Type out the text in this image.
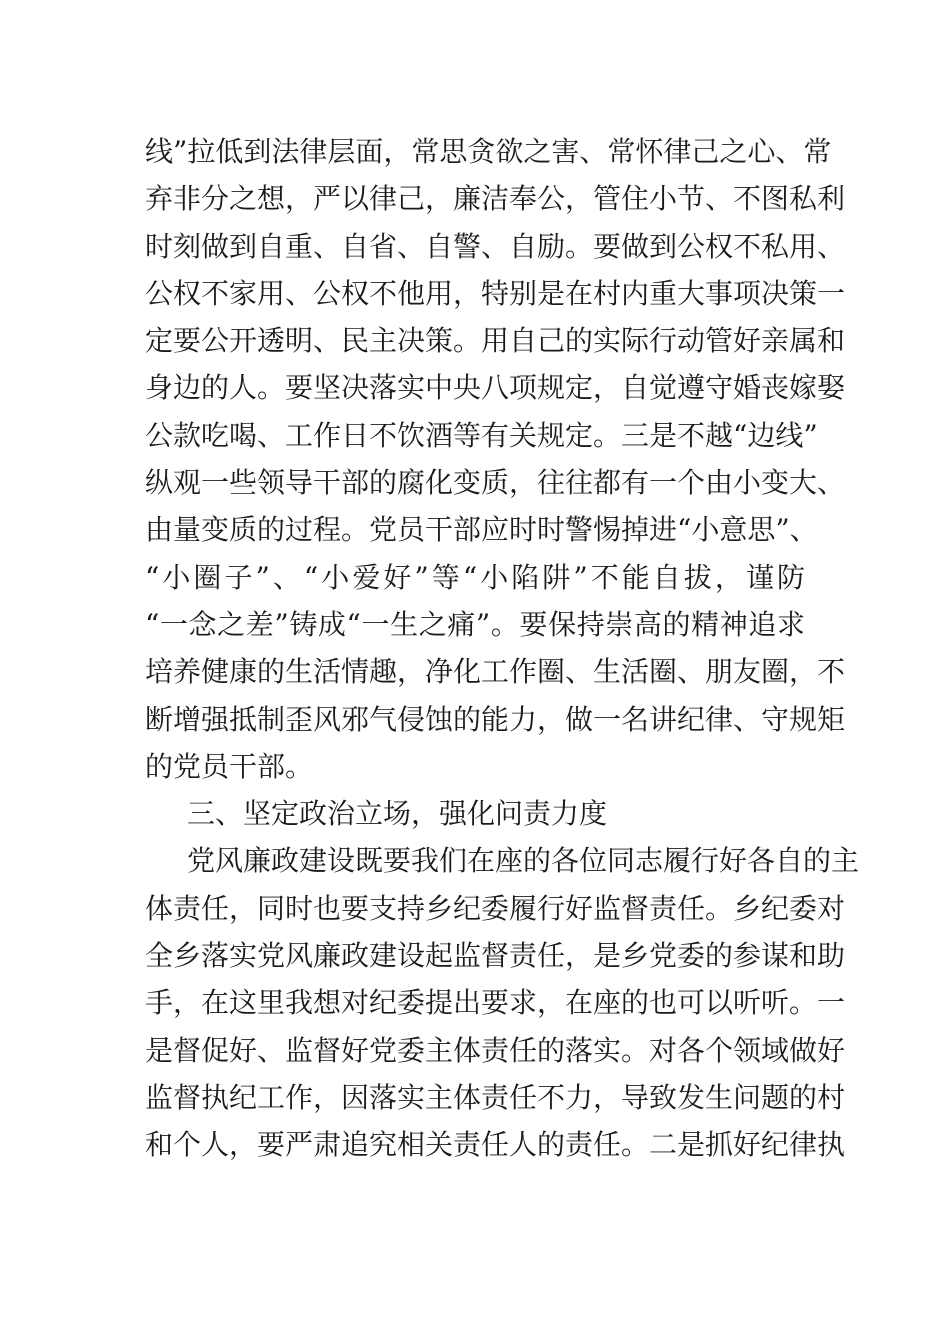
线”拉低到法律层面，常思贪欲之害、常怀律己之心、常
弃非分之想，严以律己，廉洁奉公，管住小节、不图私利
时刻做到自重、自省、自警、自励。要做到公权不私用、
公权不家用、公权不他用，特别是在村内重大事项决策一
定要公开透明、民主决策。用自己的实际行动管好亲属和
身边的人。要坚决落实中央八项规定，自觉遵守婚丧嫁娶
公款吃喝、工作日不饮酒等有关规定。三是不越“边线”
纵观一些领导干部的腐化变质，往往都有一个由小变大、
由量变质的过程。党员干部应时时警惕掉进“小意思”、
“小圈子”、“小爱好”等“小陷阱”不能自拔，谨防
“一念之差”铸成“一生之痛”。要保持崇高的精神追求
培养健康的生活情趣，净化工作圈、生活圈、朋友圈，不
断增强抵制歪风邪气侵蚀的能力，做一名讲纪律、守规矩
的党员干部。
三、坚定政治立场，强化问责力度
党风廉政建设既要我们在座的各位同志履行好各自的主
体责任，同时也要支持乡纪委履行好监督责任。乡纪委对
全乡落实党风廉政建设起监督责任，是乡党委的参谋和助
手，在这里我想对纪委提出要求，在座的也可以听听。一
是督促好、监督好党委主体责任的落实。对各个领域做好
监督执纪工作，因落实主体责任不力，导致发生问题的村
和个人，要严肃追究相关责任人的责任。二是抓好纪律执
